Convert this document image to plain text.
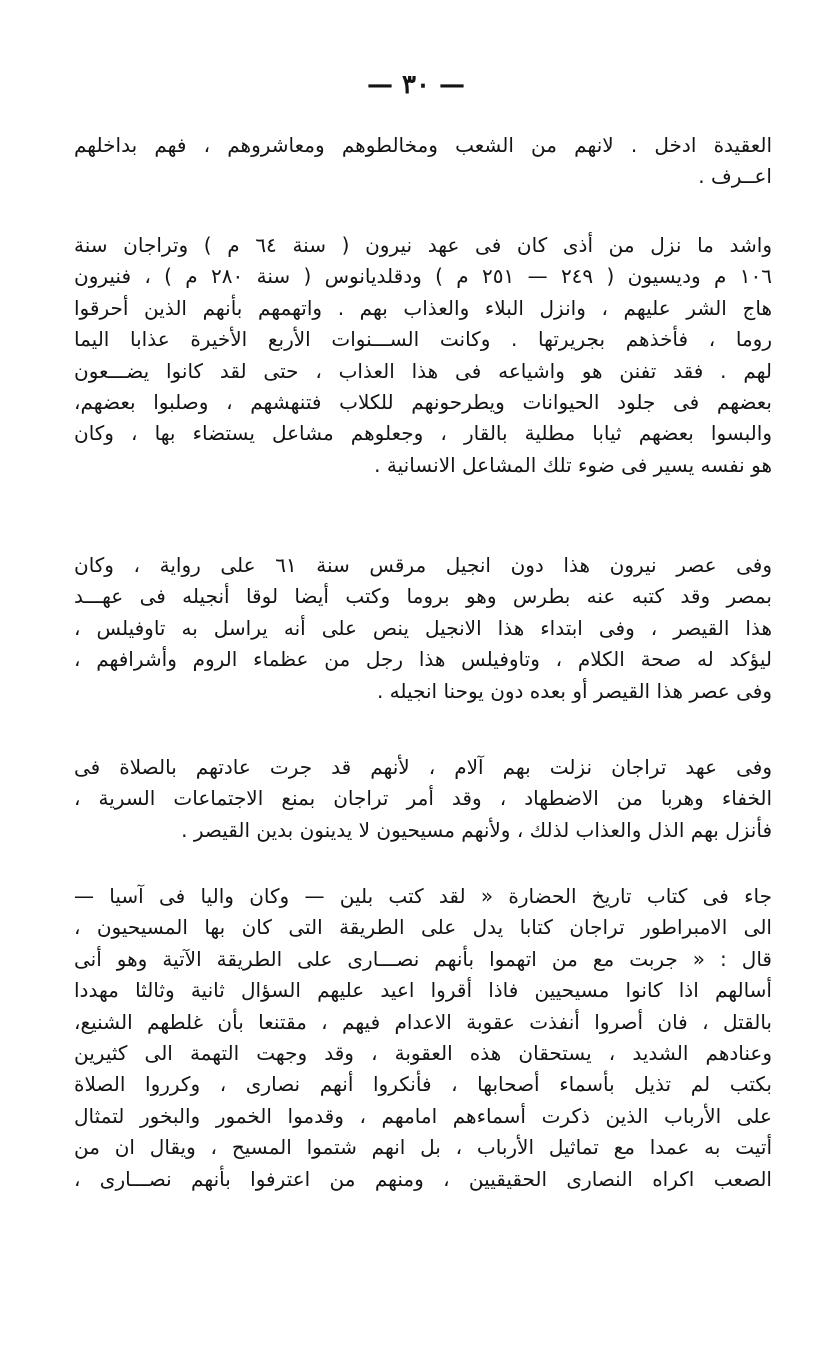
— ٣٠ —
العقيدة ادخل . لانهم من الشعب ومخالطوهم ومعاشروهم ، فهم بداخلهم
اعــرف .
واشد ما نزل من أذى كان فى عهد نيرون ( سنة ٦٤ م ) وتراجان سنة
١٠٦ م وديسيون ( ٢٤٩ — ٢٥١ م ) ودقلديانوس ( سنة ٢٨٠ م ) ، فنيرون
هاج الشر عليهم ، وانزل البلاء والعذاب بهم . واتهمهم بأنهم الذين أحرقوا
روما ، فأخذهم بجريرتها . وكانت الســـنوات الأربع الأخيرة عذابا اليما
لهم . فقد تفنن هو واشياعه فى هذا العذاب ، حتى لقد كانوا يضـــعون
بعضهم فى جلود الحيوانات ويطرحونهم للكلاب فتنهشهم ، وصلبوا بعضهم،
والبسوا بعضهم ثيابا مطلية بالقار ، وجعلوهم مشاعل يستضاء بها ، وكان
هو نفسه يسير فى ضوء تلك المشاعل الانسانية .
وفى عصر نيرون هذا دون انجيل مرقس سنة ٦١ على رواية ، وكان
بمصر وقد كتبه عنه بطرس وهو بروما وكتب أيضا لوقا أنجيله فى عهـــد
هذا القيصر ، وفى ابتداء هذا الانجيل ينص على أنه يراسل به تاوفيلس ،
ليؤكد له صحة الكلام ، وتاوفيلس هذا رجل من عظماء الروم وأشرافهم ،
وفى عصر هذا القيصر أو بعده دون يوحنا انجيله .
وفى عهد تراجان نزلت بهم آلام ، لأنهم قد جرت عادتهم بالصلاة فى
الخفاء وهربا من الاضطهاد ، وقد أمر تراجان بمنع الاجتماعات السرية ،
فأنزل بهم الذل والعذاب لذلك ، ولأنهم مسيحيون لا يدينون بدين القيصر .
جاء فى كتاب تاريخ الحضارة « لقد كتب بلين — وكان واليا فى آسيا —
الى الامبراطور تراجان كتابا يدل على الطريقة التى كان بها المسيحيون ،
قال : « جربت مع من اتهموا بأنهم نصـــارى على الطريقة الآتية وهو أنى
أسالهم اذا كانوا مسيحيين فاذا أقروا اعيد عليهم السؤال ثانية وثالثا مهددا
بالقتل ، فان أصروا أنفذت عقوبة الاعدام فيهم ، مقتنعا بأن غلطهم الشنيع،
وعنادهم الشديد ، يستحقان هذه العقوبة ، وقد وجهت التهمة الى كثيرين
بكتب لم تذيل بأسماء أصحابها ، فأنكروا أنهم نصارى ، وكرروا الصلاة
على الأرباب الذين ذكرت أسماءهم امامهم ، وقدموا الخمور والبخور لتمثال
أتيت به عمدا مع تماثيل الأرباب ، بل انهم شتموا المسيح ، ويقال ان من
الصعب اكراه النصارى الحقيقيين ، ومنهم من اعترفوا بأنهم نصـــارى ،
